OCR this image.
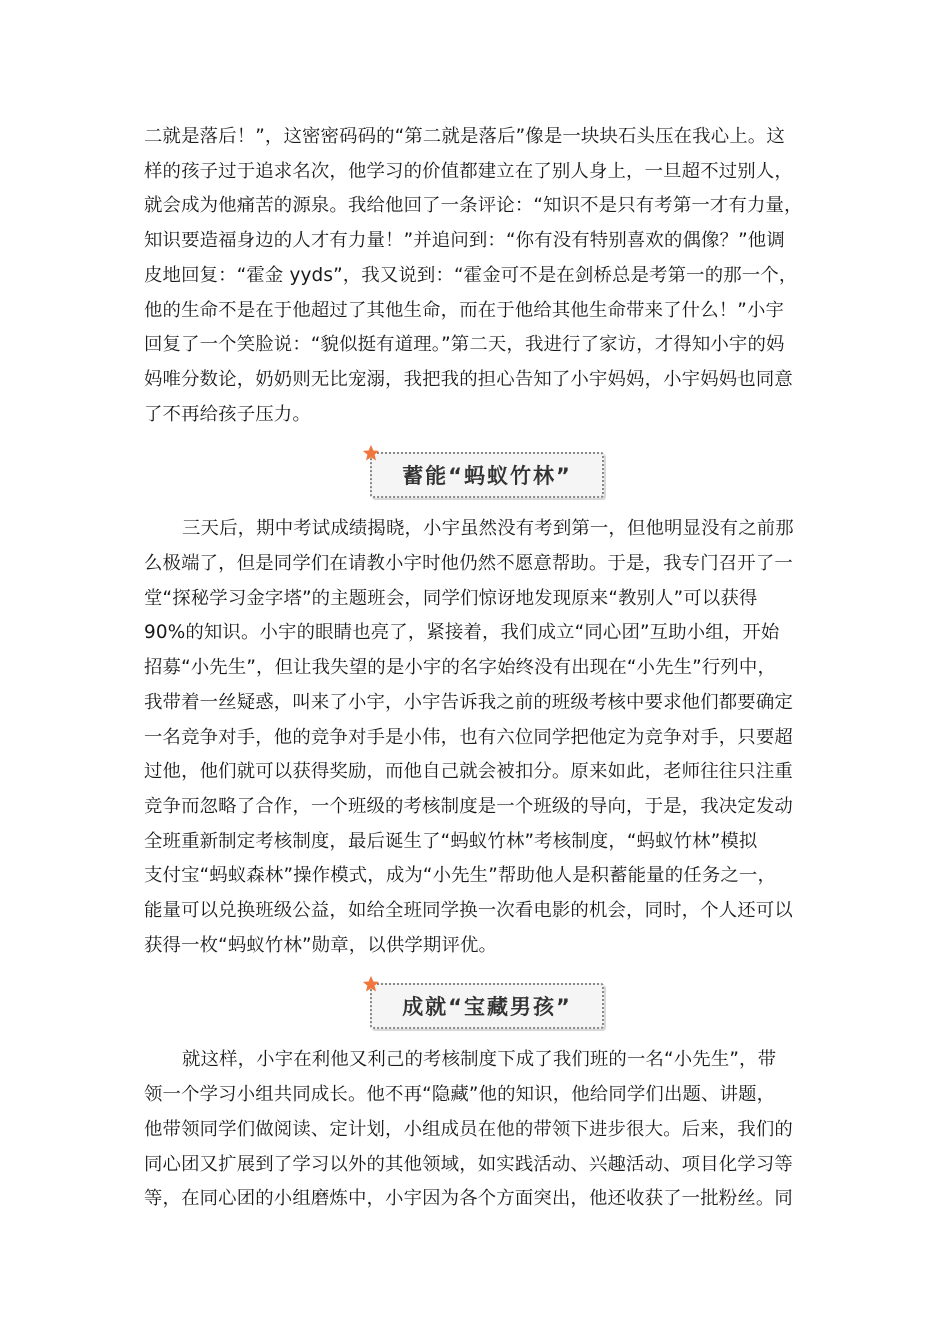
二就是落后！”，这密密码码的“第二就是落后”像是一块块石头压在我心上。这
样的孩子过于追求名次，他学习的价值都建立在了别人身上，一旦超不过别人，
就会成为他痛苦的源泉。我给他回了一条评论：“知识不是只有考第一才有力量，
知识要造福身边的人才有力量！”并追问到：“你有没有特别喜欢的偶像？”他调
皮地回复：“霍金 yyds”，我又说到：“霍金可不是在剑桥总是考第一的那一个，
他的生命不是在于他超过了其他生命，而在于他给其他生命带来了什么！”小宇
回复了一个笑脸说：“貌似挺有道理。”第二天，我进行了家访，才得知小宇的妈
妈唯分数论，奶奶则无比宠溺，我把我的担心告知了小宇妈妈，小宇妈妈也同意
了不再给孩子压力。

蓄能“蚂蚁竹林”

三天后，期中考试成绩揭晓，小宇虽然没有考到第一，但他明显没有之前那
么极端了，但是同学们在请教小宇时他仍然不愿意帮助。于是，我专门召开了一
堂“探秘学习金字塔”的主题班会，同学们惊讶地发现原来“教别人”可以获得
90%的知识。小宇的眼睛也亮了，紧接着，我们成立“同心团”互助小组，开始
招募“小先生”，但让我失望的是小宇的名字始终没有出现在“小先生”行列中，
我带着一丝疑惑，叫来了小宇，小宇告诉我之前的班级考核中要求他们都要确定
一名竞争对手，他的竞争对手是小伟，也有六位同学把他定为竞争对手，只要超
过他，他们就可以获得奖励，而他自己就会被扣分。原来如此，老师往往只注重
竞争而忽略了合作，一个班级的考核制度是一个班级的导向，于是，我决定发动
全班重新制定考核制度，最后诞生了“蚂蚁竹林”考核制度，“蚂蚁竹林”模拟
支付宝“蚂蚁森林”操作模式，成为“小先生”帮助他人是积蓄能量的任务之一，
能量可以兑换班级公益，如给全班同学换一次看电影的机会，同时，个人还可以
获得一枚“蚂蚁竹林”勋章，以供学期评优。

成就“宝藏男孩”

就这样，小宇在利他又利己的考核制度下成了我们班的一名“小先生”，带
领一个学习小组共同成长。他不再“隐藏”他的知识，他给同学们出题、讲题，
他带领同学们做阅读、定计划，小组成员在他的带领下进步很大。后来，我们的
同心团又扩展到了学习以外的其他领域，如实践活动、兴趣活动、项目化学习等
等，在同心团的小组磨炼中，小宇因为各个方面突出，他还收获了一批粉丝。同
